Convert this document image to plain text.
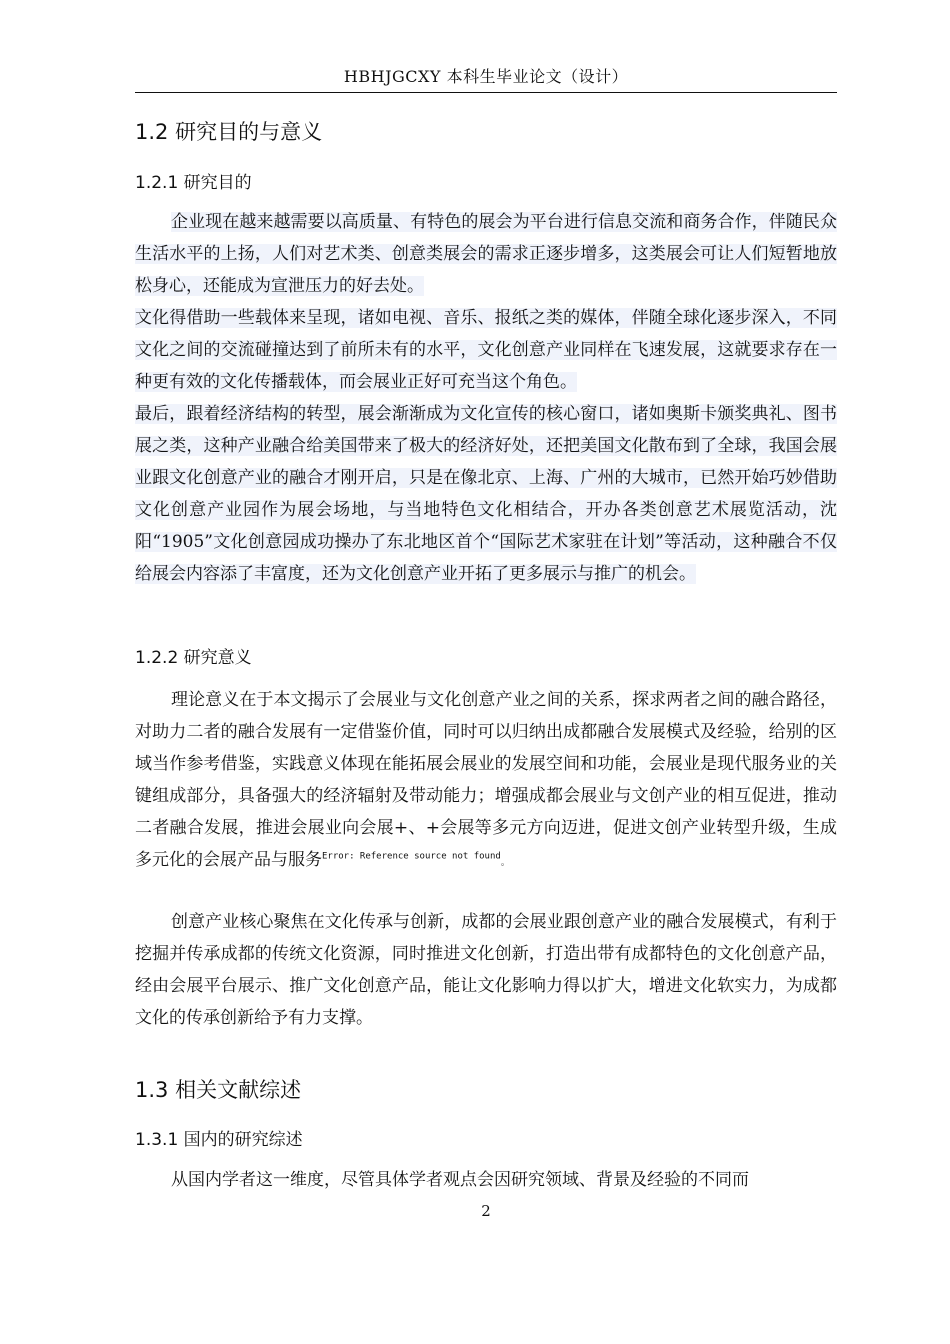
HBHJGCXY 本科生毕业论文（设计）
1.2 研究目的与意义
1.2.1 研究目的

企业现在越来越需要以高质量、有特色的展会为平台进行信息交流和商务合作，伴随民众生活水平的上扬，人们对艺术类、创意类展会的需求正逐步增多，这类展会可让人们短暂地放松身心，还能成为宣泄压力的好去处。

文化得借助一些载体来呈现，诸如电视、音乐、报纸之类的媒体，伴随全球化逐步深入，不同文化之间的交流碰撞达到了前所未有的水平，文化创意产业同样在飞速发展，这就要求存在一种更有效的文化传播载体，而会展业正好可充当这个角色。

最后，跟着经济结构的转型，展会渐渐成为文化宣传的核心窗口，诸如奥斯卡颁奖典礼、图书展之类，这种产业融合给美国带来了极大的经济好处，还把美国文化散布到了全球，我国会展业跟文化创意产业的融合才刚开启，只是在像北京、上海、广州的大城市，已然开始巧妙借助文化创意产业园作为展会场地，与当地特色文化相结合，开办各类创意艺术展览活动，沈阳“1905”文化创意园成功操办了东北地区首个“国际艺术家驻在计划”等活动，这种融合不仅给展会内容添了丰富度，还为文化创意产业开拓了更多展示与推广的机会。

1.2.2 研究意义

理论意义在于本文揭示了会展业与文化创意产业之间的关系，探求两者之间的融合路径，对助力二者的融合发展有一定借鉴价值，同时可以归纳出成都融合发展模式及经验，给别的区域当作参考借鉴，实践意义体现在能拓展会展业的发展空间和功能，会展业是现代服务业的关键组成部分，具备强大的经济辐射及带动能力；增强成都会展业与文创产业的相互促进，推动二者融合发展，推进会展业向会展+、+会展等多元方向迈进，促进文创产业转型升级，生成多元化的会展产品与服务$^{Error: Reference source not found}$。

创意产业核心聚焦在文化传承与创新，成都的会展业跟创意产业的融合发展模式，有利于挖掘并传承成都的传统文化资源，同时推进文化创新，打造出带有成都特色的文化创意产品，经由会展平台展示、推广文化创意产品，能让文化影响力得以扩大，增进文化软实力，为成都文化的传承创新给予有力支撑。

1.3 相关文献综述
1.3.1 国内的研究综述

从国内学者这一维度，尽管具体学者观点会因研究领域、背景及经验的不同而

2
